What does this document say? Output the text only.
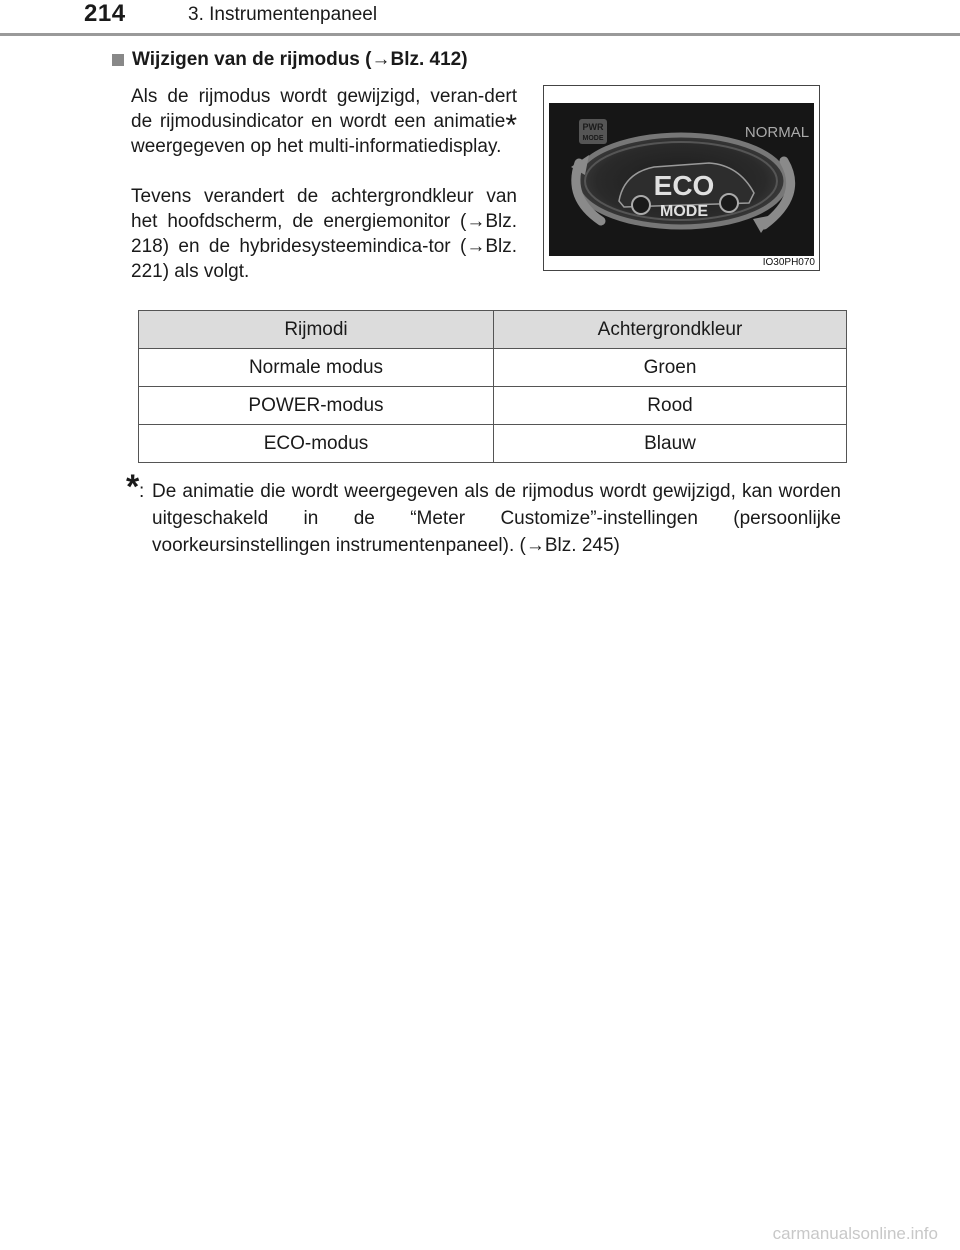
214	3. Instrumentenpaneel
Wijzigen van de rijmodus (→Blz. 412)
Als de rijmodus wordt gewijzigd, veran-dert de rijmodusindicator en wordt een animatie* weergegeven op het multi-informatiedisplay.
Tevens verandert de achtergrondkleur van het hoofdscherm, de energiemonitor (→Blz. 218) en de hybridesysteemindica-tor (→Blz. 221) als volgt.
PWR
MODE	NORMAL
ECO
MODE
IO30PH070
Rijmodi	Achtergrondkleur
Normale modus	Groen
POWER-modus	Rood
ECO-modus	Blauw
* : De animatie die wordt weergegeven als de rijmodus wordt gewijzigd, kan worden uitgeschakeld in de “Meter Customize”-instellingen (persoonlijke voorkeursinstellingen instrumentenpaneel). (→Blz. 245)
carmanualsonline.info
